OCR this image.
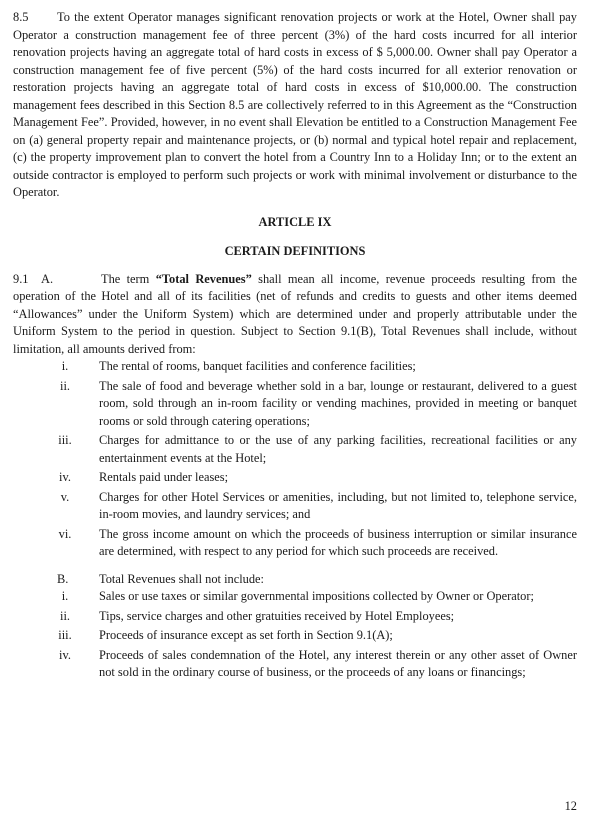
8.5 To the extent Operator manages significant renovation projects or work at the Hotel, Owner shall pay Operator a construction management fee of three percent (3%) of the hard costs incurred for all interior renovation projects having an aggregate total of hard costs in excess of $ 5,000.00. Owner shall pay Operator a construction management fee of five percent (5%) of the hard costs incurred for all exterior renovation or restoration projects having an aggregate total of hard costs in excess of $10,000.00. The construction management fees described in this Section 8.5 are collectively referred to in this Agreement as the “Construction Management Fee”. Provided, however, in no event shall Elevation be entitled to a Construction Management Fee on (a) general property repair and maintenance projects, or (b) normal and typical hotel repair and replacement, (c) the property improvement plan to convert the hotel from a Country Inn to a Holiday Inn; or to the extent an outside contractor is employed to perform such projects or work with minimal involvement or disturbance to the Operator.

ARTICLE IX

CERTAIN DEFINITIONS

9.1 A.	The term “Total Revenues” shall mean all income, revenue proceeds resulting from the operation of the Hotel and all of its facilities (net of refunds and credits to guests and other items deemed “Allowances” under the Uniform System) which are determined under and properly attributable under the Uniform System to the period in question. Subject to Section 9.1(B), Total Revenues shall include, without limitation, all amounts derived from:

i.	The rental of rooms, banquet facilities and conference facilities;
ii.	The sale of food and beverage whether sold in a bar, lounge or restaurant, delivered to a guest room, sold through an in-room facility or vending machines, provided in meeting or banquet rooms or sold through catering operations;
iii.	Charges for admittance to or the use of any parking facilities, recreational facilities or any entertainment events at the Hotel;
iv.	Rentals paid under leases;
v.	Charges for other Hotel Services or amenities, including, but not limited to, telephone service, in-room movies, and laundry services; and
vi.	The gross income amount on which the proceeds of business interruption or similar insurance are determined, with respect to any period for which such proceeds are received.

B. Total Revenues shall not include:

i.	Sales or use taxes or similar governmental impositions collected by Owner or Operator;
ii.	Tips, service charges and other gratuities received by Hotel Employees;
iii.	Proceeds of insurance except as set forth in Section 9.1(A);
iv.	Proceeds of sales condemnation of the Hotel, any interest therein or any other asset of Owner not sold in the ordinary course of business, or the proceeds of any loans or financings;
12
